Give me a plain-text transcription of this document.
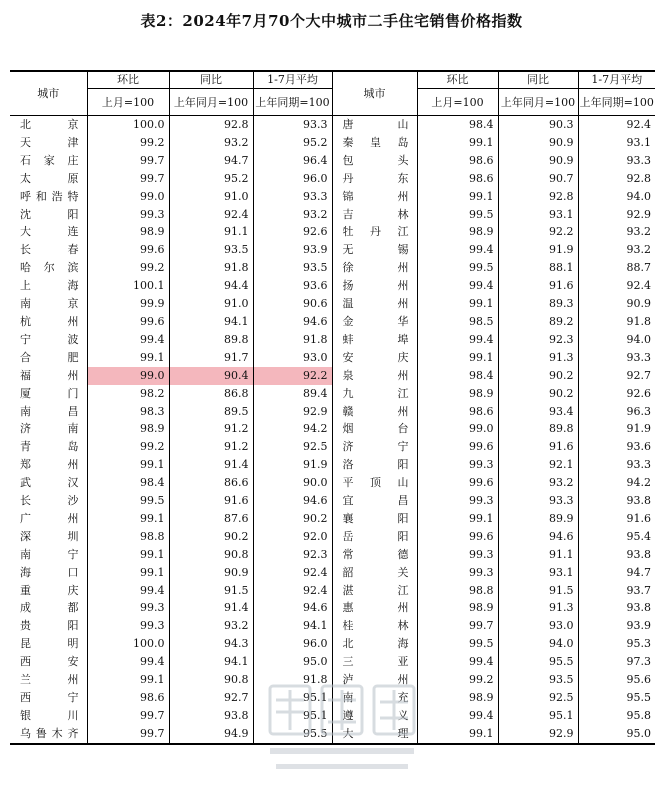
表2：2024年7月70个大中城市二手住宅销售价格指数
城市	环比	同比	1-7月平均	城市	环比	同比	1-7月平均
	上月=100	上年同月=100	上年同期=100		上月=100	上年同月=100	上年同期=100
北京	100.0	92.8	93.3	唐山	98.4	90.3	92.4
天津	99.2	93.2	95.2	秦皇岛	99.1	90.9	93.1
石家庄	99.7	94.7	96.4	包头	98.6	90.9	93.3
太原	99.7	95.2	96.0	丹东	98.6	90.7	92.8
呼和浩特	99.0	91.0	93.3	锦州	99.1	92.8	94.0
沈阳	99.3	92.4	93.2	吉林	99.5	93.1	92.9
大连	98.9	91.1	92.6	牡丹江	98.9	92.2	93.2
长春	99.6	93.5	93.9	无锡	99.4	91.9	93.2
哈尔滨	99.2	91.8	93.5	徐州	99.5	88.1	88.7
上海	100.1	94.4	93.6	扬州	99.4	91.6	92.4
南京	99.9	91.0	90.6	温州	99.1	89.3	90.9
杭州	99.6	94.1	94.6	金华	98.5	89.2	91.8
宁波	99.4	89.8	91.8	蚌埠	99.4	92.3	94.0
合肥	99.1	91.7	93.0	安庆	99.1	91.3	93.3
福州	99.0	90.4	92.2	泉州	98.4	90.2	92.7
厦门	98.2	86.8	89.4	九江	98.9	90.2	92.6
南昌	98.3	89.5	92.9	赣州	98.6	93.4	96.3
济南	98.9	91.2	94.2	烟台	99.0	89.8	91.9
青岛	99.2	91.2	92.5	济宁	99.6	91.6	93.6
郑州	99.1	91.4	91.9	洛阳	99.3	92.1	93.3
武汉	98.4	86.6	90.0	平顶山	99.6	93.2	94.2
长沙	99.5	91.6	94.6	宜昌	99.3	93.3	93.8
广州	99.1	87.6	90.2	襄阳	99.1	89.9	91.6
深圳	98.8	90.2	92.0	岳阳	99.6	94.6	95.4
南宁	99.1	90.8	92.3	常德	99.3	91.1	93.8
海口	99.1	90.9	92.4	韶关	99.3	93.1	94.7
重庆	99.4	91.5	92.4	湛江	98.8	91.5	93.7
成都	99.3	91.4	94.6	惠州	98.9	91.3	93.8
贵阳	99.3	93.2	94.1	桂林	99.7	93.0	93.9
昆明	100.0	94.3	96.0	北海	99.5	94.0	95.3
西安	99.4	94.1	95.0	三亚	99.4	95.5	97.3
兰州	99.1	90.8	91.8	泸州	99.2	93.5	95.6
西宁	98.6	92.7	95.1	南充	98.9	92.5	95.5
银川	99.7	93.8	95.1	遵义	99.4	95.1	95.8
乌鲁木齐	99.7	94.9	95.5	大理	99.1	92.9	95.0
